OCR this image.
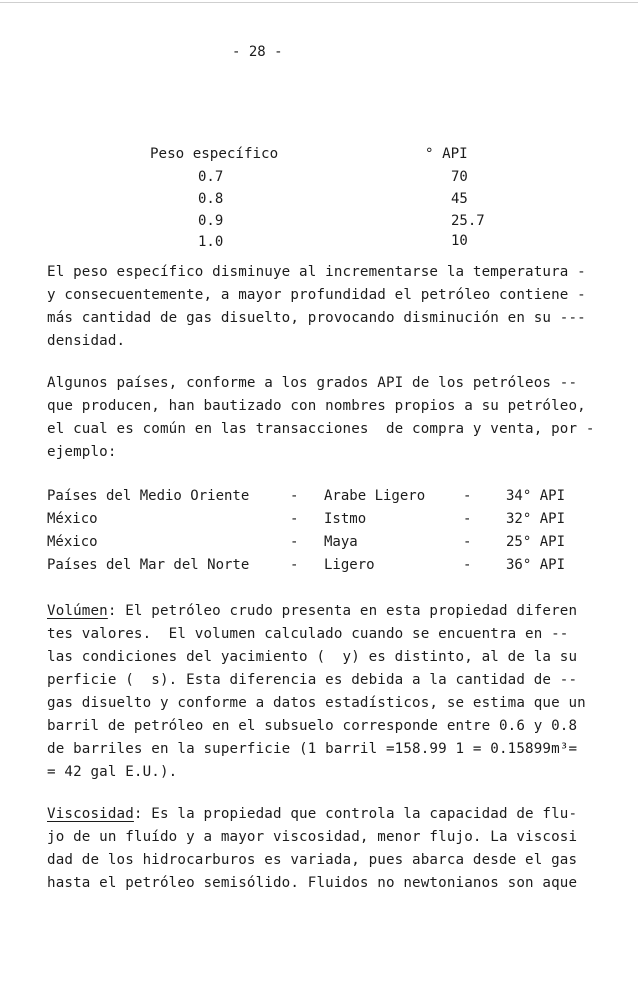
- 28 -
Peso específico	° API
0.7	70
0.8	45
0.9	25.7
1.0	10
El peso específico disminuye al incrementarse la temperatura -
y consecuentemente, a mayor profundidad el petróleo contiene -
más cantidad de gas disuelto, provocando disminución en su ---
densidad.
Algunos países, conforme a los grados API de los petróleos --
que producen, han bautizado con nombres propios a su petróleo,
el cual es común en las transacciones  de compra y venta, por -
ejemplo:
Países del Medio Oriente	- Arabe Ligero	- 34° API
México	- Istmo	- 32° API
México	- Maya	- 25° API
Países del Mar del Norte	- Ligero	- 36° API
Volúmen: El petróleo crudo presenta en esta propiedad diferen
tes valores.  El volumen calculado cuando se encuentra en --
las condiciones del yacimiento (  y) es distinto, al de la su
perficie (  s). Esta diferencia es debida a la cantidad de --
gas disuelto y conforme a datos estadísticos, se estima que un
barril de petróleo en el subsuelo corresponde entre 0.6 y 0.8
de barriles en la superficie (1 barril =158.99 1 = 0.15899m³=
= 42 gal E.U.).
Viscosidad: Es la propiedad que controla la capacidad de flu-
jo de un fluído y a mayor viscosidad, menor flujo. La viscosi
dad de los hidrocarburos es variada, pues abarca desde el gas
hasta el petróleo semisólido. Fluidos no newtonianos son aque
